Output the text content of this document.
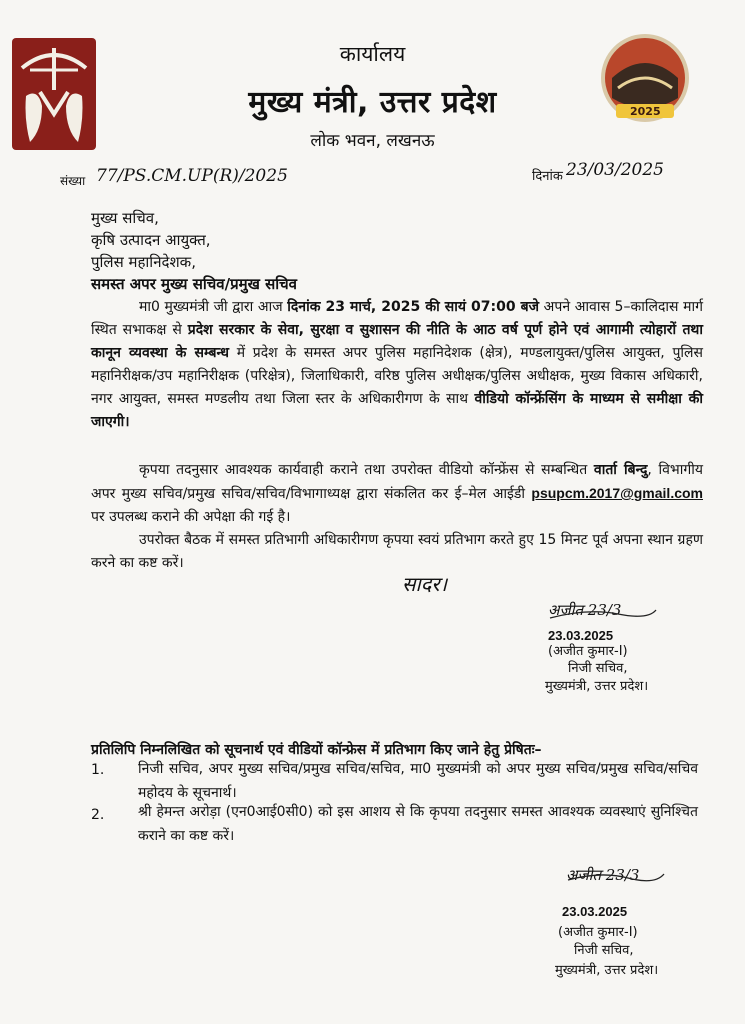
2025
कार्यालय
मुख्य मंत्री, उत्तर प्रदेश
लोक भवन, लखनऊ
संख्या 77/PS.CM.UP(R)/2025	दिनांक 23/03/2025
मुख्य सचिव,
कृषि उत्पादन आयुक्त,
पुलिस महानिदेशक,
समस्त अपर मुख्य सचिव/प्रमुख सचिव
मा0 मुख्यमंत्री जी द्वारा आज दिनांक 23 मार्च, 2025 की सायं 07:00 बजे अपने आवास 5–कालिदास मार्ग स्थित सभाकक्ष से प्रदेश सरकार के सेवा, सुरक्षा व सुशासन की नीति के आठ वर्ष पूर्ण होने एवं आगामी त्योहारों तथा कानून व्यवस्था के सम्बन्ध में प्रदेश के समस्त अपर पुलिस महानिदेशक (क्षेत्र), मण्डलायुक्त/पुलिस आयुक्त, पुलिस महानिरीक्षक/उप महानिरीक्षक (परिक्षेत्र), जिलाधिकारी, वरिष्ठ पुलिस अधीक्षक/पुलिस अधीक्षक, मुख्य विकास अधिकारी, नगर आयुक्त, समस्त मण्डलीय तथा जिला स्तर के अधिकारीगण के साथ वीडियो कॉन्फ्रेंसिंग के माध्यम से समीक्षा की जाएगी।
कृपया तदनुसार आवश्यक कार्यवाही कराने तथा उपरोक्त वीडियो कॉन्फ्रेंस से सम्बन्धित वार्ता बिन्दु, विभागीय अपर मुख्य सचिव/प्रमुख सचिव/सचिव/विभागाध्यक्ष द्वारा संकलित कर ई–मेल आईडी psupcm.2017@gmail.com पर उपलब्ध कराने की अपेक्षा की गई है।
उपरोक्त बैठक में समस्त प्रतिभागी अधिकारीगण कृपया स्वयं प्रतिभाग करते हुए 15 मिनट पूर्व अपना स्थान ग्रहण करने का कष्ट करें।
सादर।
अजीत 23/3
23.03.2025
(अजीत कुमार-I)
निजी सचिव,
मुख्यमंत्री, उत्तर प्रदेश।
प्रतिलिपि निम्नलिखित को सूचनार्थ एवं वीडियों कॉन्फ्रेस में प्रतिभाग किए जाने हेतु प्रेषितः–
1. निजी सचिव, अपर मुख्य सचिव/प्रमुख सचिव/सचिव, मा0 मुख्यमंत्री को अपर मुख्य सचिव/प्रमुख सचिव/सचिव महोदय के सूचनार्थ।
2. श्री हेमन्त अरोड़ा (एन0आई0सी0) को इस आशय से कि कृपया तदनुसार समस्त आवश्यक व्यवस्थाएं सुनिश्चित कराने का कष्ट करें।
अजीत 23/3
23.03.2025
(अजीत कुमार-I)
निजी सचिव,
मुख्यमंत्री, उत्तर प्रदेश।
